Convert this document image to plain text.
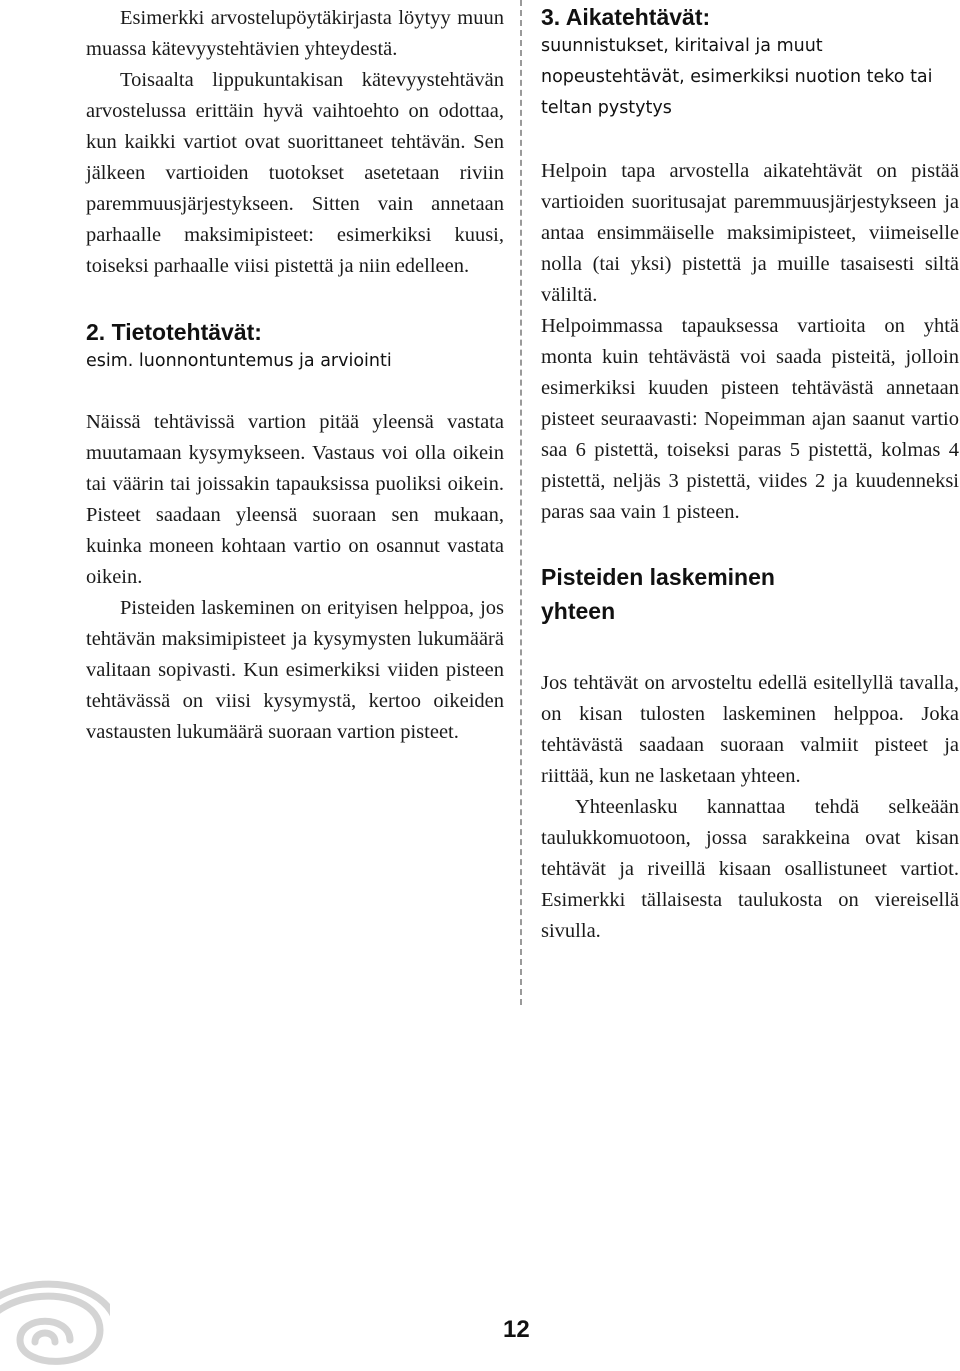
Esimerkki arvostelupöytäkirjasta löytyy muun muassa kätevyystehtävien yhteydestä.

Toisaalta lippukuntakisan kätevyystehtävän arvostelussa erittäin hyvä vaihtoehto on odottaa, kun kaikki vartiot ovat suorittaneet tehtävän. Sen jälkeen vartioiden tuotokset asetetaan riviin paremmuusjärjestykseen. Sitten vain annetaan parhaalle maksimipisteet: esimerkiksi kuusi, toiseksi parhaalle viisi pistettä ja niin edelleen.

2. Tietotehtävät:
esim. luonnontuntemus ja arviointi

Näissä tehtävissä vartion pitää yleensä vastata muutamaan kysymykseen. Vastaus voi olla oikein tai väärin tai joissakin tapauksissa puoliksi oikein. Pisteet saadaan yleensä suoraan sen mukaan, kuinka moneen kohtaan vartio on osannut vastata oikein.

Pisteiden laskeminen on erityisen helppoa, jos tehtävän maksimipisteet ja kysymysten lukumäärä valitaan sopivasti. Kun esimerkiksi viiden pisteen tehtävässä on viisi kysymystä, kertoo oikeiden vastausten lukumäärä suoraan vartion pisteet.

3. Aikatehtävät:
suunnistukset, kiritaival ja muut nopeustehtävät, esimerkiksi nuotion teko tai teltan pystytys

Helpoin tapa arvostella aikatehtävät on pistää vartioiden suoritusajat paremmuusjärjestykseen ja antaa ensimmäiselle maksimipisteet, viimeiselle nolla (tai yksi) pistettä ja muille tasaisesti siltä väliltä.

Helpoimmassa tapauksessa vartioita on yhtä monta kuin tehtävästä voi saada pisteitä, jolloin esimerkiksi kuuden pisteen tehtävästä annetaan pisteet seuraavasti: Nopeimman ajan saanut vartio saa 6 pistettä, toiseksi paras 5 pistettä, kolmas 4 pistettä, neljäs 3 pistettä, viides 2 ja kuudenneksi paras saa vain 1 pisteen.

Pisteiden laskeminen yhteen

Jos tehtävät on arvosteltu edellä esitellyllä tavalla, on kisan tulosten laskeminen helppoa. Joka tehtävästä saadaan suoraan valmiit pisteet ja riittää, kun ne lasketaan yhteen.

Yhteenlasku kannattaa tehdä selkeään taulukkomuotoon, jossa sarakkeina ovat kisan tehtävät ja riveillä kisaan osallistuneet vartiot. Esimerkki tällaisesta taulukosta on viereisellä sivulla.

12
